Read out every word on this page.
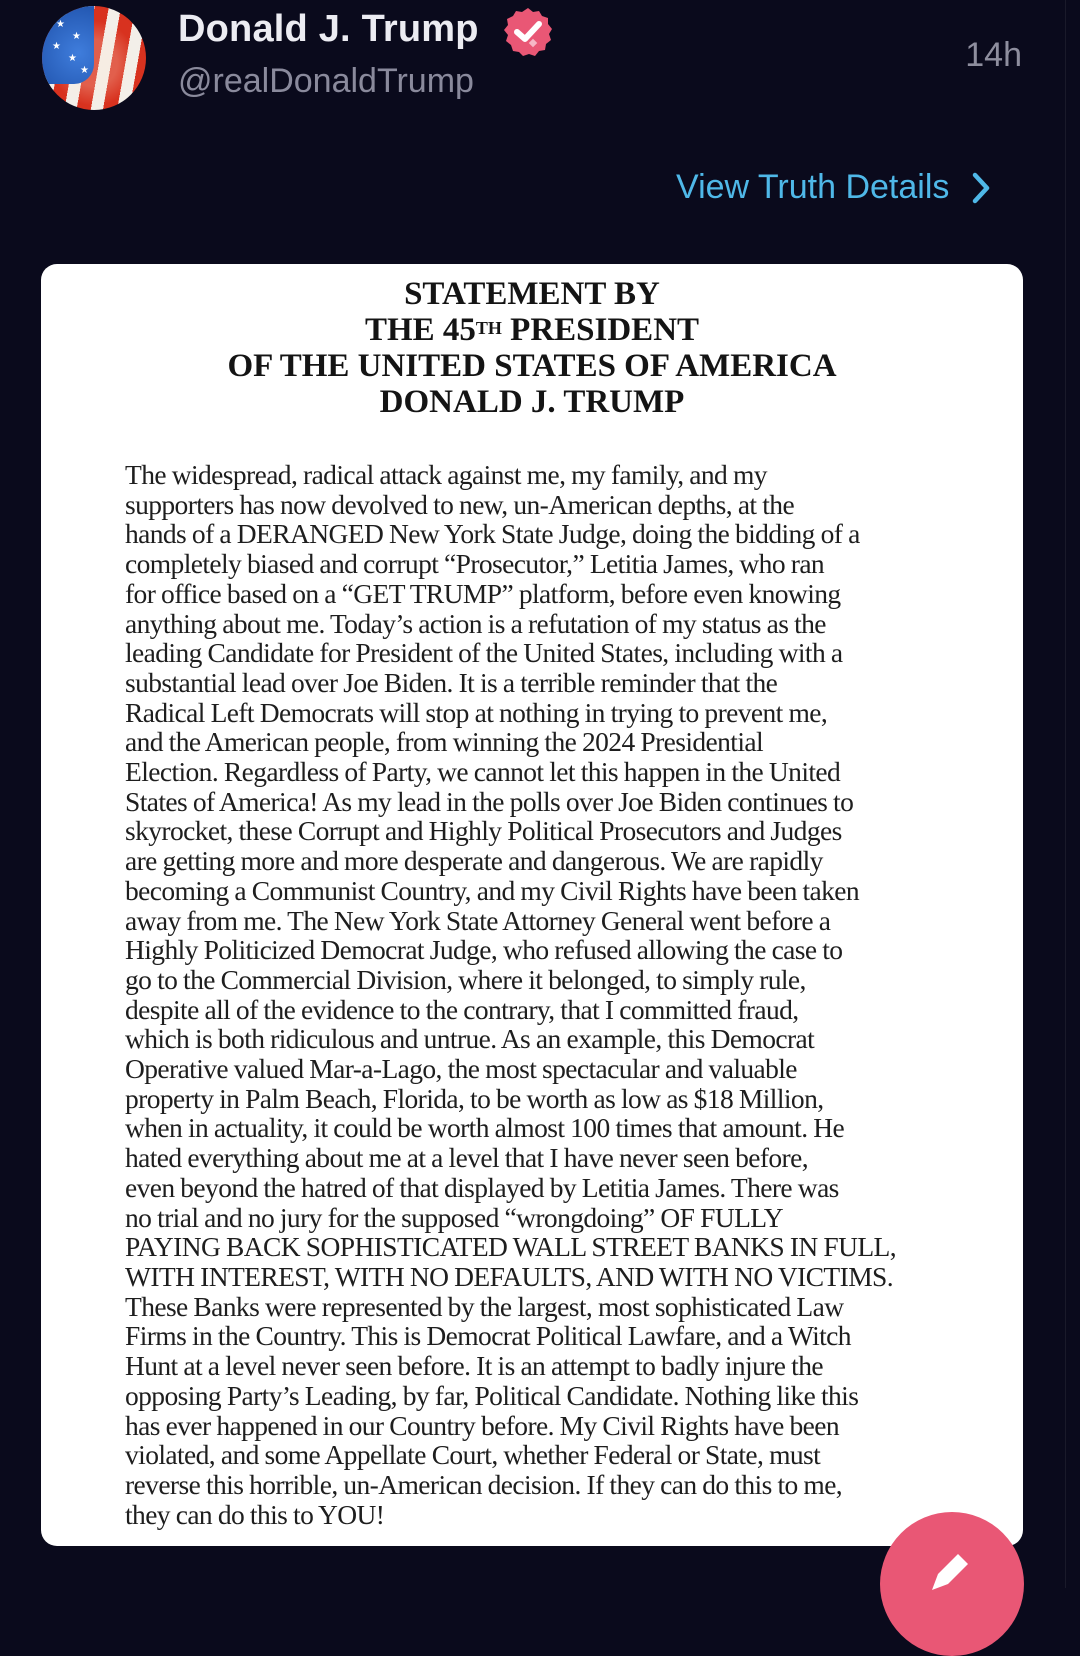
★
★
★
★
★
Donald J. Trump
@realDonaldTrump
14h
View Truth Details
STATEMENT BY
THE 45TH PRESIDENT
OF THE UNITED STATES OF AMERICA
DONALD J. TRUMP
The widespread, radical attack against me, my family, and my
supporters has now devolved to new, un-American depths, at the
hands of a DERANGED New York State Judge, doing the bidding of a
completely biased and corrupt “Prosecutor,” Letitia James, who ran
for office based on a “GET TRUMP” platform, before even knowing
anything about me. Today’s action is a refutation of my status as the
leading Candidate for President of the United States, including with a
substantial lead over Joe Biden. It is a terrible reminder that the
Radical Left Democrats will stop at nothing in trying to prevent me,
and the American people, from winning the 2024 Presidential
Election. Regardless of Party, we cannot let this happen in the United
States of America! As my lead in the polls over Joe Biden continues to
skyrocket, these Corrupt and Highly Political Prosecutors and Judges
are getting more and more desperate and dangerous. We are rapidly
becoming a Communist Country, and my Civil Rights have been taken
away from me. The New York State Attorney General went before a
Highly Politicized Democrat Judge, who refused allowing the case to
go to the Commercial Division, where it belonged, to simply rule,
despite all of the evidence to the contrary, that I committed fraud,
which is both ridiculous and untrue. As an example, this Democrat
Operative valued Mar-a-Lago, the most spectacular and valuable
property in Palm Beach, Florida, to be worth as low as $18 Million,
when in actuality, it could be worth almost 100 times that amount. He
hated everything about me at a level that I have never seen before,
even beyond the hatred of that displayed by Letitia James. There was
no trial and no jury for the supposed “wrongdoing” OF FULLY
PAYING BACK SOPHISTICATED WALL STREET BANKS IN FULL,
WITH INTEREST, WITH NO DEFAULTS, AND WITH NO VICTIMS.
These Banks were represented by the largest, most sophisticated Law
Firms in the Country. This is Democrat Political Lawfare, and a Witch
Hunt at a level never seen before. It is an attempt to badly injure the
opposing Party’s Leading, by far, Political Candidate. Nothing like this
has ever happened in our Country before. My Civil Rights have been
violated, and some Appellate Court, whether Federal or State, must
reverse this horrible, un-American decision. If they can do this to me,
they can do this to YOU!
